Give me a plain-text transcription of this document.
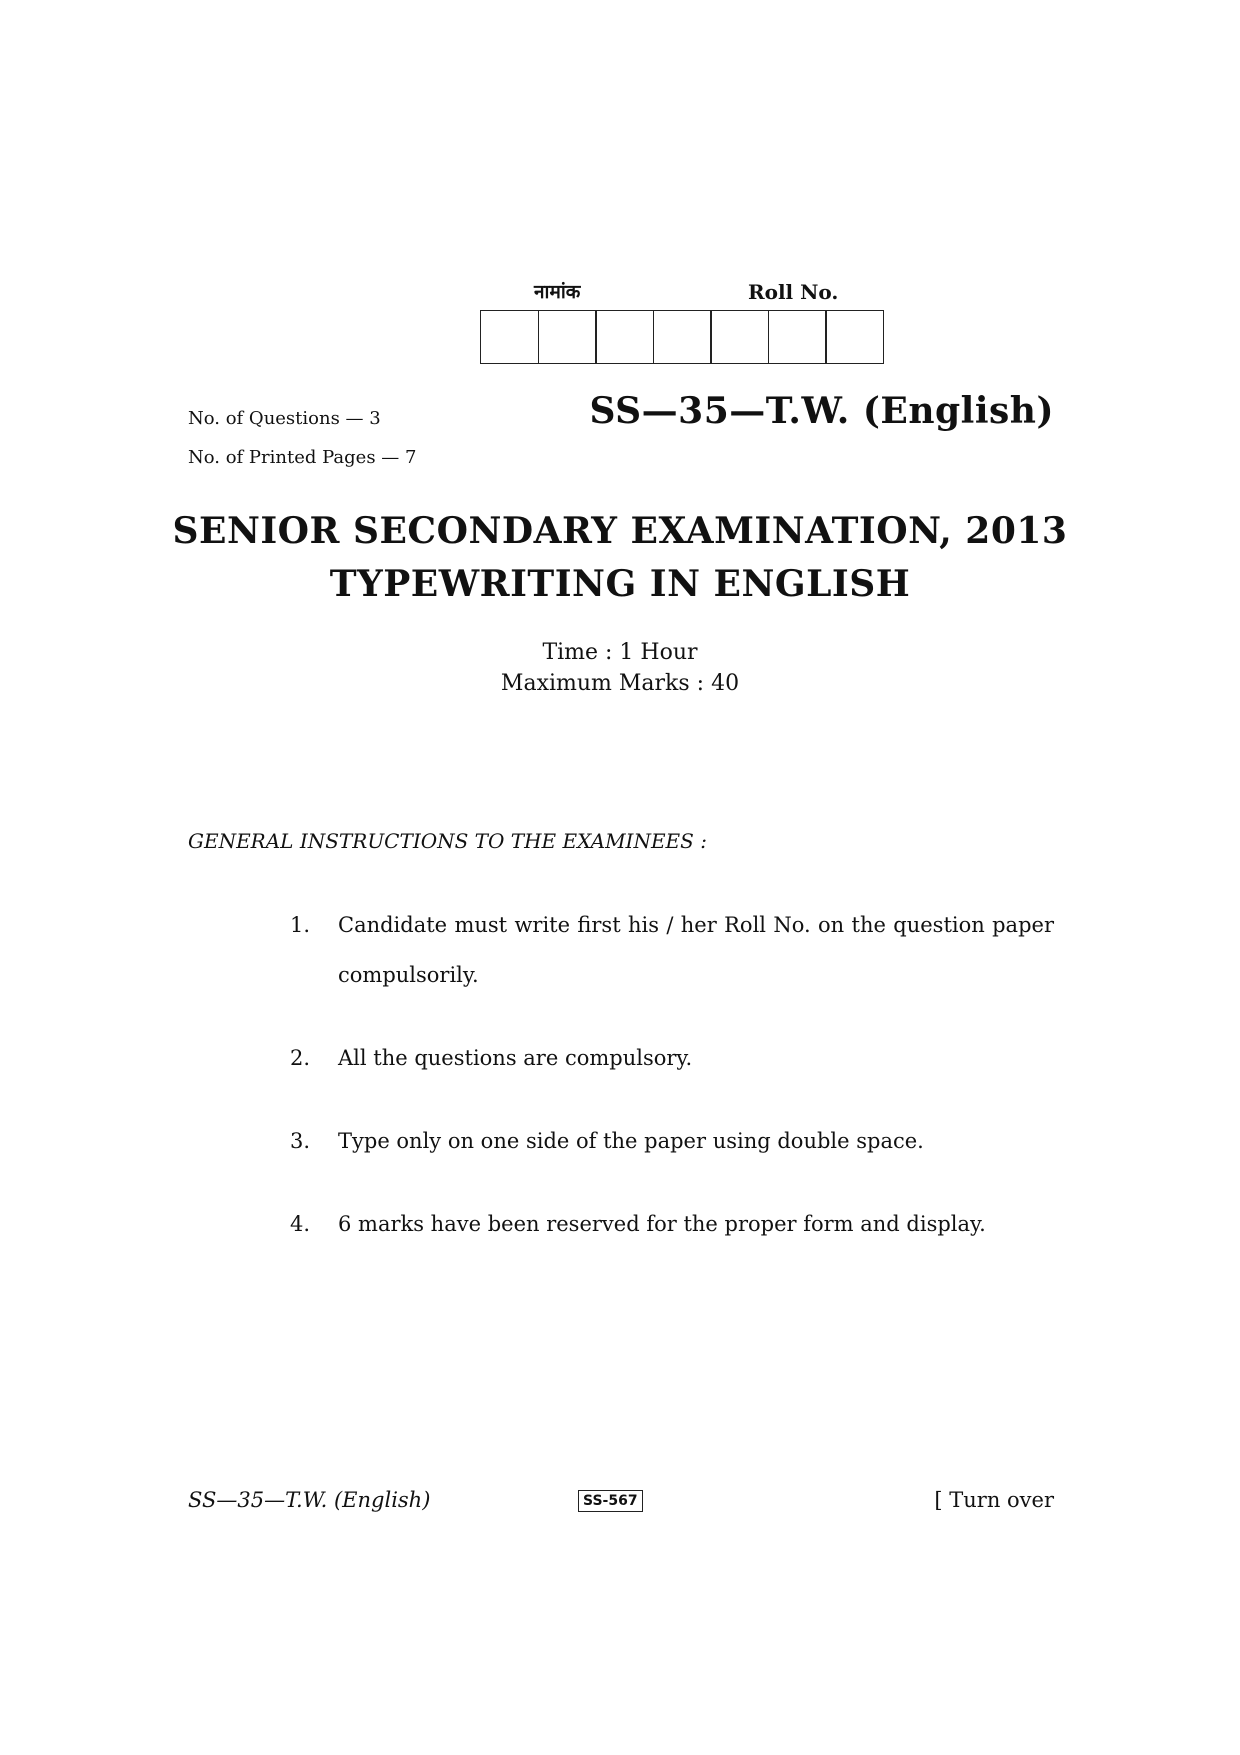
नामांक	Roll No.
No. of Questions — 3
No. of Printed Pages — 7
SS—35—T.W. (English)
SENIOR SECONDARY EXAMINATION, 2013
TYPEWRITING IN ENGLISH
Time : 1 Hour
Maximum Marks : 40
GENERAL INSTRUCTIONS TO THE EXAMINEES :
1.	Candidate must write first his / her Roll No. on the question paper compulsorily.
2.	All the questions are compulsory.
3.	Type only on one side of the paper using double space.
4.	6 marks have been reserved for the proper form and display.
SS—35—T.W. (English)	SS-567	[ Turn over
